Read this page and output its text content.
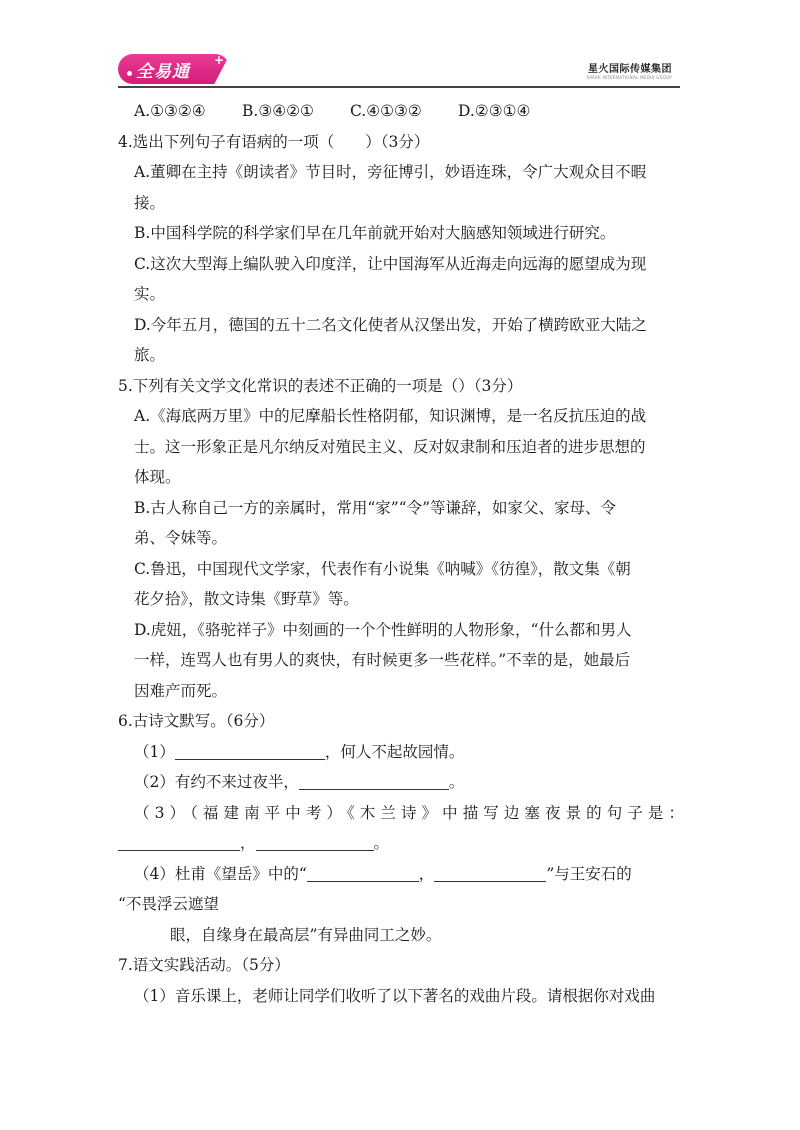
全易通
+
星火国际传媒集团
SPARK INTERNATIONAL MEDIA GROUP
A.①③②④ B.③④②① C.④①③② D.②③①④
4.选出下列句子有语病的一项（　　）（3分）
A.董卿在主持《朗读者》节目时，旁征博引，妙语连珠，令广大观众目不暇
接。
B.中国科学院的科学家们早在几年前就开始对大脑感知领域进行研究。
C.这次大型海上编队驶入印度洋，让中国海军从近海走向远海的愿望成为现
实。
D.今年五月，德国的五十二名文化使者从汉堡出发，开始了横跨欧亚大陆之
旅。
5.下列有关文学文化常识的表述不正确的一项是（）（3分）
A.《海底两万里》中的尼摩船长性格阴郁，知识渊博，是一名反抗压迫的战
士。这一形象正是凡尔纳反对殖民主义、反对奴隶制和压迫者的进步思想的
体现。
B.古人称自己一方的亲属时，常用“家”“令”等谦辞，如家父、家母、令
弟、令妹等。
C.鲁迅，中国现代文学家，代表作有小说集《呐喊》《彷徨》，散文集《朝
花夕拾》，散文诗集《野草》等。
D.虎妞，《骆驼祥子》中刻画的一个个性鲜明的人物形象，“什么都和男人
一样，连骂人也有男人的爽快，有时候更多一些花样。”不幸的是，她最后
因难产而死。
6.古诗文默写。（6分）
（1）	，何人不起故园情。
（2）有约不来过夜半，	。
（3）（福建南平中考）《木兰诗》中描写边塞夜景的句子是：
，	。
（4）杜甫《望岳》中的“	，	”与王安石的
“不畏浮云遮望
眼，自缘身在最高层”有异曲同工之妙。
7.语文实践活动。（5分）
（1）音乐课上，老师让同学们收听了以下著名的戏曲片段。请根据你对戏曲
